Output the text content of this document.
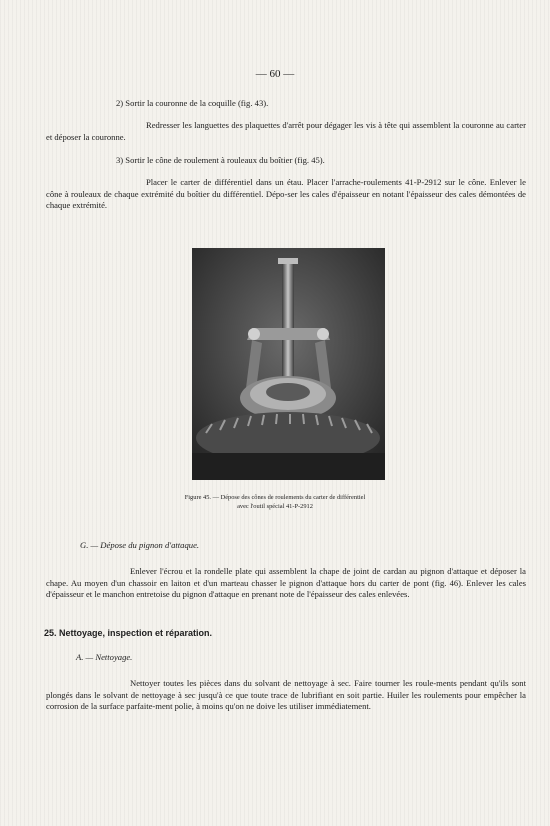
— 60 —

2) Sortir la couronne de la coquille (fig. 43).

Redresser les languettes des plaquettes d'arrêt pour dégager les vis à tête qui assemblent la couronne au carter et déposer la couronne.

3) Sortir le cône de roulement à rouleaux du boîtier (fig. 45).

Placer le carter de différentiel dans un étau. Placer l'arrache-roulements 41-P-2912 sur le cône. Enlever le cône à rouleaux de chaque extrémité du boîtier du différentiel. Dépo-ser les cales d'épaisseur en notant l'épaisseur des cales démontées de chaque extrémité.

Figure 45. — Dépose des cônes de roulements du carter de différentiel
avec l'outil spécial 41-P-2912
G. — Dépose du pignon d'attaque.

Enlever l'écrou et la rondelle plate qui assemblent la chape de joint de cardan au pignon d'attaque et déposer la chape. Au moyen d'un chassoir en laiton et d'un marteau chasser le pignon d'attaque hors du carter de pont (fig. 46). Enlever les cales d'épaisseur et le manchon entretoise du pignon d'attaque en prenant note de l'épaisseur des cales enlevées.

25. Nettoyage, inspection et réparation.
A. — Nettoyage.

Nettoyer toutes les pièces dans du solvant de nettoyage à sec. Faire tourner les roule-ments pendant qu'ils sont plongés dans le solvant de nettoyage à sec jusqu'à ce que toute trace de lubrifiant en soit partie. Huiler les roulements pour empêcher la corrosion de la surface parfaite-ment polie, à moins qu'on ne doive les utiliser immédiatement.
